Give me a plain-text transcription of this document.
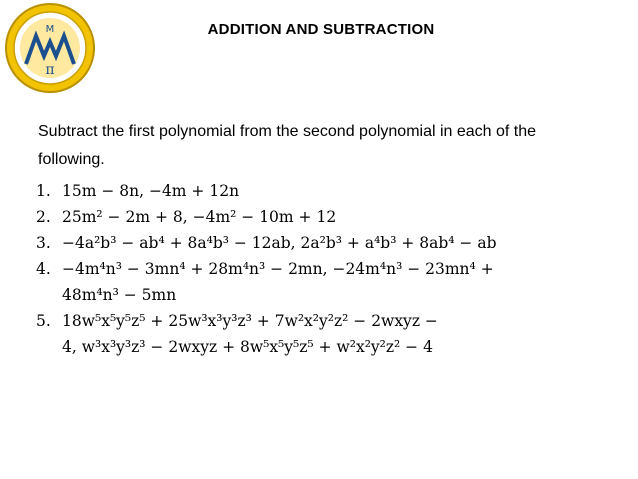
π
M	ADDITION AND SUBTRACTION
Subtract the first polynomial from the second polynomial in each of the following.
1. 15m − 8n, −4m + 12n
2. 25m² − 2m + 8, −4m² − 10m + 12
3. −4a²b³ − ab⁴ + 8a⁴b³ − 12ab, 2a²b³ + a⁴b³ + 8ab⁴ − ab
4. −4m⁴n³ − 3mn⁴ + 28m⁴n³ − 2mn, −24m⁴n³ − 23mn⁴ +
48m⁴n³ − 5mn
5. 18w⁵x⁵y⁵z⁵ + 25w³x³y³z³ + 7w²x²y²z² − 2wxyz −
4, w³x³y³z³ − 2wxyz + 8w⁵x⁵y⁵z⁵ + w²x²y²z² − 4
